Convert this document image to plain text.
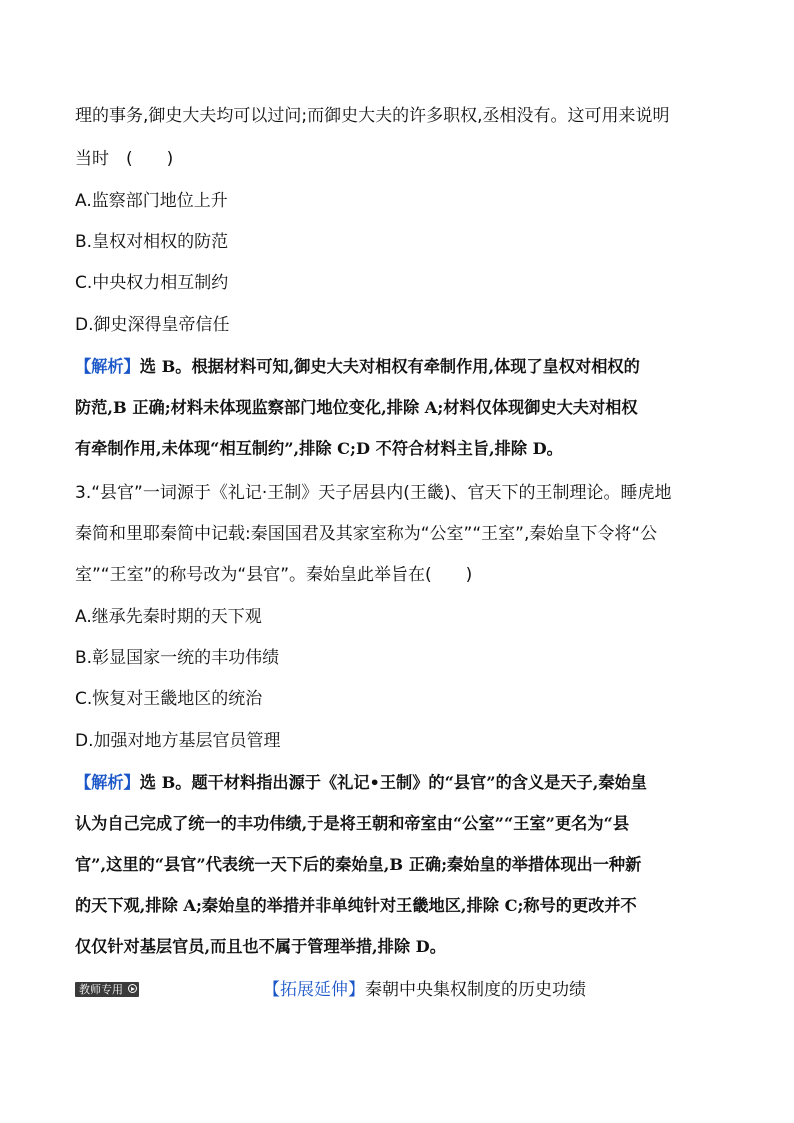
理的事务,御史大夫均可以过问;而御史大夫的许多职权,丞相没有。这可用来说明
当时　(　　)
A.监察部门地位上升
B.皇权对相权的防范
C.中央权力相互制约
D.御史深得皇帝信任
【解析】选 B。根据材料可知,御史大夫对相权有牵制作用,体现了皇权对相权的
防范,B 正确;材料未体现监察部门地位变化,排除 A;材料仅体现御史大夫对相权
有牵制作用,未体现“相互制约”,排除 C;D 不符合材料主旨,排除 D。
3.“县官”一词源于《礼记·王制》天子居县内(王畿)、官天下的王制理论。睡虎地
秦简和里耶秦简中记载:秦国国君及其家室称为“公室”“王室”,秦始皇下令将“公
室”“王室”的称号改为“县官”。秦始皇此举旨在(　　)
A.继承先秦时期的天下观
B.彰显国家一统的丰功伟绩
C.恢复对王畿地区的统治
D.加强对地方基层官员管理
【解析】选 B。题干材料指出源于《礼记•王制》的“县官”的含义是天子,秦始皇
认为自己完成了统一的丰功伟绩,于是将王朝和帝室由“公室”“王室”更名为“县
官”,这里的“县官”代表统一天下后的秦始皇,B 正确;秦始皇的举措体现出一种新
的天下观,排除 A;秦始皇的举措并非单纯针对王畿地区,排除 C;称号的更改并不
仅仅针对基层官员,而且也不属于管理举措,排除 D。
教师专用	【拓展延伸】秦朝中央集权制度的历史功绩
